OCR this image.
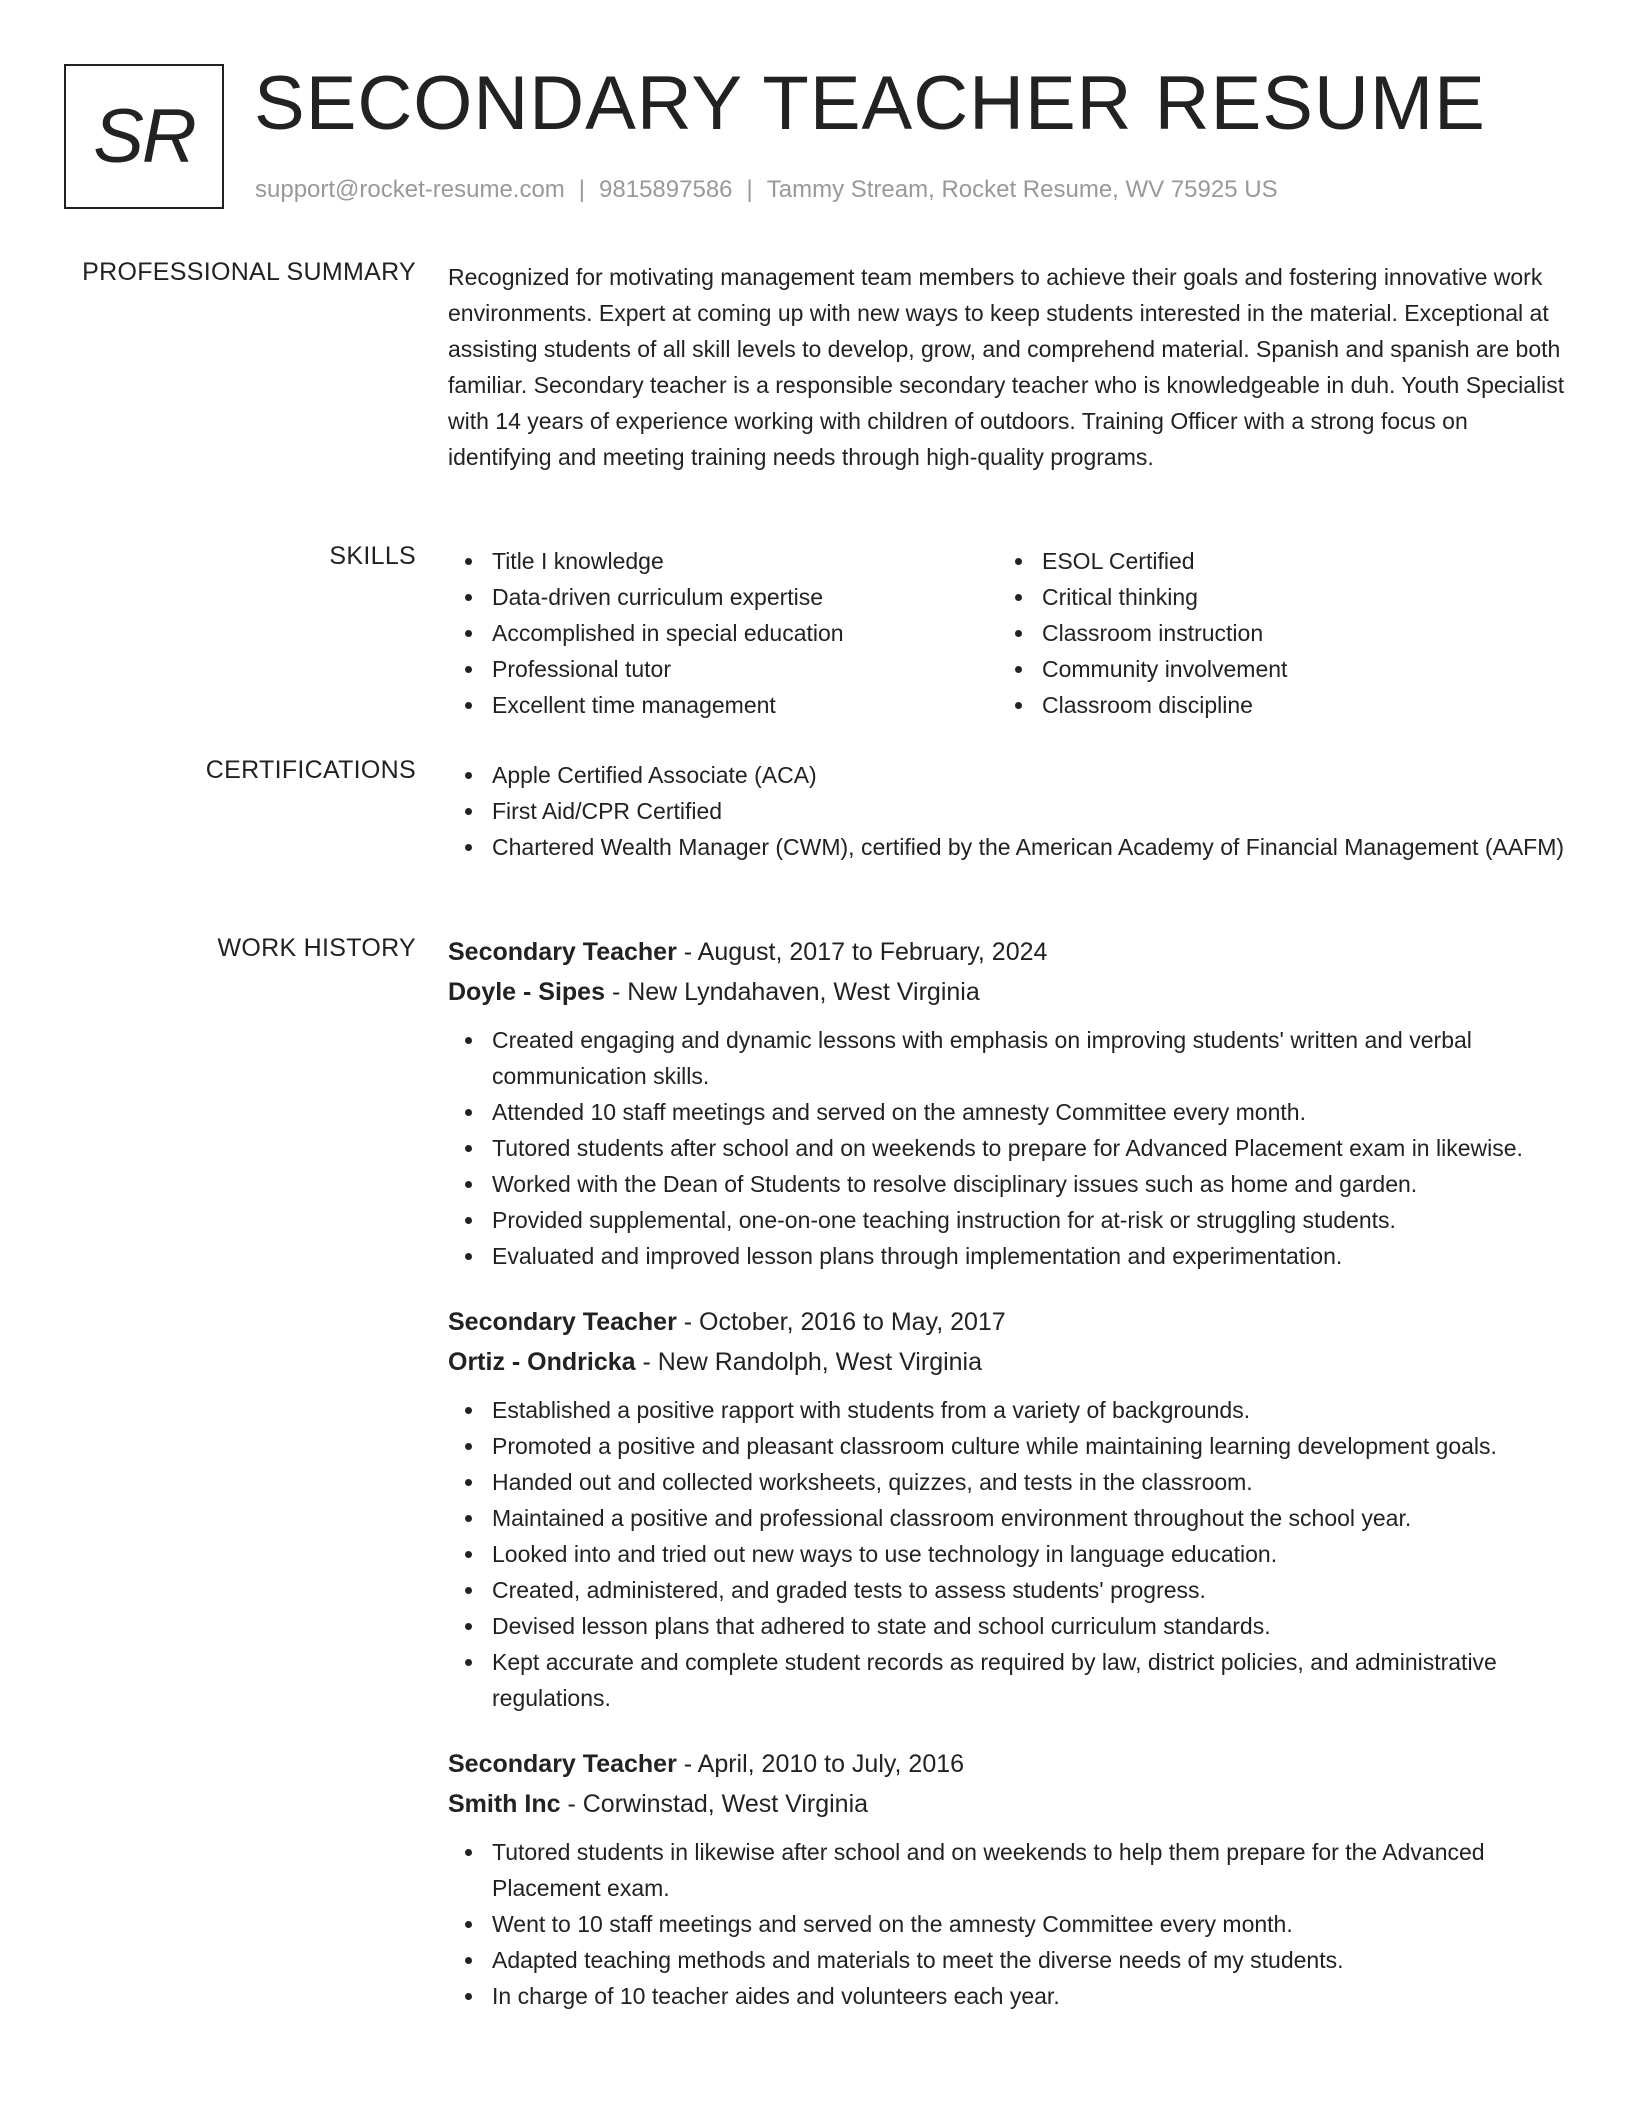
SR SECONDARY TEACHER RESUME
support@rocket-resume.com | 9815897586 | Tammy Stream, Rocket Resume, WV 75925 US
PROFESSIONAL SUMMARY Recognized for motivating management team members to achieve their goals and fostering innovative work environments. Expert at coming up with new ways to keep students interested in the material. Exceptional at assisting students of all skill levels to develop, grow, and comprehend material. Spanish and spanish are both familiar. Secondary teacher is a responsible secondary teacher who is knowledgeable in duh. Youth Specialist with 14 years of experience working with children of outdoors. Training Officer with a strong focus on identifying and meeting training needs through high-quality programs.
SKILLS	Title I knowledge
Data-driven curriculum expertise
Accomplished in special education
Professional tutor
Excellent time management
ESOL Certified
Critical thinking
Classroom instruction
Community involvement
Classroom discipline
CERTIFICATIONS	Apple Certified Associate (ACA)
First Aid/CPR Certified
Chartered Wealth Manager (CWM), certified by the American Academy of Financial Management (AAFM)
WORK HISTORY Secondary Teacher - August, 2017 to February, 2024
Doyle - Sipes - New Lyndahaven, West Virginia
Created engaging and dynamic lessons with emphasis on improving students' written and verbal communication skills.
Attended 10 staff meetings and served on the amnesty Committee every month.
Tutored students after school and on weekends to prepare for Advanced Placement exam in likewise.
Worked with the Dean of Students to resolve disciplinary issues such as home and garden.
Provided supplemental, one-on-one teaching instruction for at-risk or struggling students.
Evaluated and improved lesson plans through implementation and experimentation.
Secondary Teacher - October, 2016 to May, 2017
Ortiz - Ondricka - New Randolph, West Virginia
Established a positive rapport with students from a variety of backgrounds.
Promoted a positive and pleasant classroom culture while maintaining learning development goals.
Handed out and collected worksheets, quizzes, and tests in the classroom.
Maintained a positive and professional classroom environment throughout the school year.
Looked into and tried out new ways to use technology in language education.
Created, administered, and graded tests to assess students' progress.
Devised lesson plans that adhered to state and school curriculum standards.
Kept accurate and complete student records as required by law, district policies, and administrative regulations.
Secondary Teacher - April, 2010 to July, 2016
Smith Inc - Corwinstad, West Virginia
Tutored students in likewise after school and on weekends to help them prepare for the Advanced Placement exam.
Went to 10 staff meetings and served on the amnesty Committee every month.
Adapted teaching methods and materials to meet the diverse needs of my students.
In charge of 10 teacher aides and volunteers each year.
